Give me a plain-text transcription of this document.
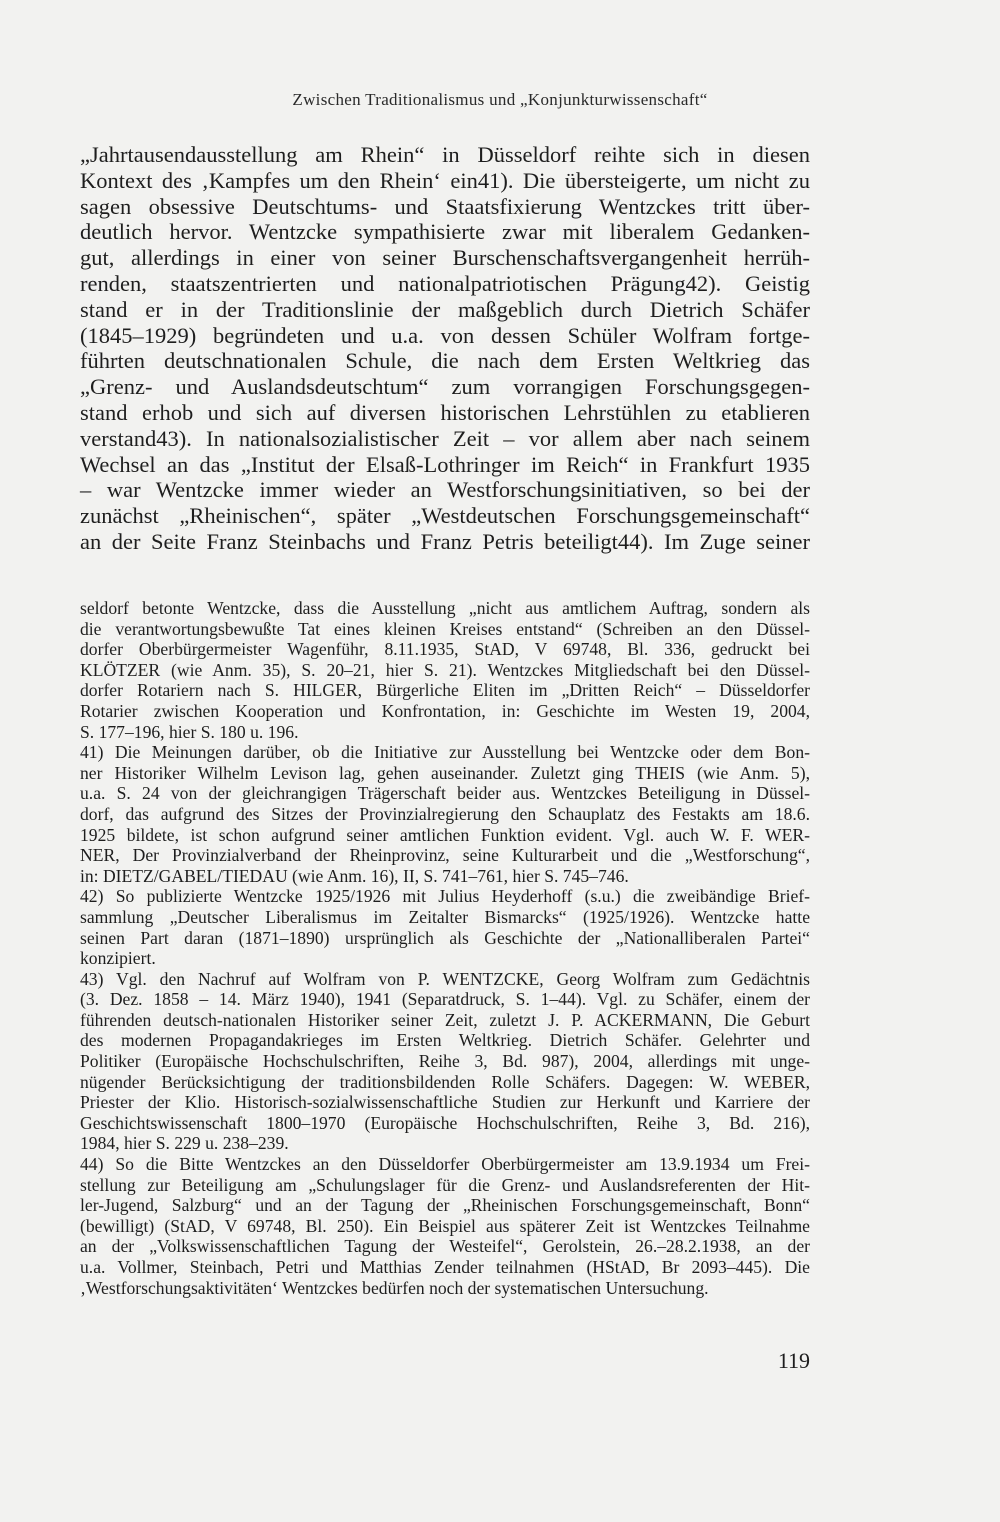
Zwischen Traditionalismus und „Konjunkturwissenschaft“
„Jahrtausendausstellung am Rhein“ in Düsseldorf reihte sich in diesen
Kontext des ‚Kampfes um den Rhein‘ ein41). Die übersteigerte, um nicht zu
sagen obsessive Deutschtums- und Staatsfixierung Wentzckes tritt über-
deutlich hervor. Wentzcke sympathisierte zwar mit liberalem Gedanken-
gut, allerdings in einer von seiner Burschenschaftsvergangenheit herrüh-
renden, staatszentrierten und nationalpatriotischen Prägung42). Geistig
stand er in der Traditionslinie der maßgeblich durch Dietrich Schäfer
(1845–1929) begründeten und u.a. von dessen Schüler Wolfram fortge-
führten deutschnationalen Schule, die nach dem Ersten Weltkrieg das
„Grenz- und Auslandsdeutschtum“ zum vorrangigen Forschungsgegen-
stand erhob und sich auf diversen historischen Lehrstühlen zu etablieren
verstand43). In nationalsozialistischer Zeit – vor allem aber nach seinem
Wechsel an das „Institut der Elsaß-Lothringer im Reich“ in Frankfurt 1935
– war Wentzcke immer wieder an Westforschungsinitiativen, so bei der
zunächst „Rheinischen“, später „Westdeutschen Forschungsgemeinschaft“
an der Seite Franz Steinbachs und Franz Petris beteiligt44). Im Zuge seiner
seldorf betonte Wentzcke, dass die Ausstellung „nicht aus amtlichem Auftrag, sondern als
die verantwortungsbewußte Tat eines kleinen Kreises entstand“ (Schreiben an den Düssel-
dorfer Oberbürgermeister Wagenführ, 8.11.1935, StAD, V 69748, Bl. 336, gedruckt bei
KLÖTZER (wie Anm. 35), S. 20–21, hier S. 21). Wentzckes Mitgliedschaft bei den Düssel-
dorfer Rotariern nach S. HILGER, Bürgerliche Eliten im „Dritten Reich“ – Düsseldorfer
Rotarier zwischen Kooperation und Konfrontation, in: Geschichte im Westen 19, 2004,
S. 177–196, hier S. 180 u. 196.
41) Die Meinungen darüber, ob die Initiative zur Ausstellung bei Wentzcke oder dem Bon-
ner Historiker Wilhelm Levison lag, gehen auseinander. Zuletzt ging THEIS (wie Anm. 5),
u.a. S. 24 von der gleichrangigen Trägerschaft beider aus. Wentzckes Beteiligung in Düssel-
dorf, das aufgrund des Sitzes der Provinzialregierung den Schauplatz des Festakts am 18.6.
1925 bildete, ist schon aufgrund seiner amtlichen Funktion evident. Vgl. auch W. F. WER-
NER, Der Provinzialverband der Rheinprovinz, seine Kulturarbeit und die „Westforschung“,
in: DIETZ/GABEL/TIEDAU (wie Anm. 16), II, S. 741–761, hier S. 745–746.
42) So publizierte Wentzcke 1925/1926 mit Julius Heyderhoff (s.u.) die zweibändige Brief-
sammlung „Deutscher Liberalismus im Zeitalter Bismarcks“ (1925/1926). Wentzcke hatte
seinen Part daran (1871–1890) ursprünglich als Geschichte der „Nationalliberalen Partei“
konzipiert.
43) Vgl. den Nachruf auf Wolfram von P. WENTZCKE, Georg Wolfram zum Gedächtnis
(3. Dez. 1858 – 14. März 1940), 1941 (Separatdruck, S. 1–44). Vgl. zu Schäfer, einem der
führenden deutsch-nationalen Historiker seiner Zeit, zuletzt J. P. ACKERMANN, Die Geburt
des modernen Propagandakrieges im Ersten Weltkrieg. Dietrich Schäfer. Gelehrter und
Politiker (Europäische Hochschulschriften, Reihe 3, Bd. 987), 2004, allerdings mit unge-
nügender Berücksichtigung der traditionsbildenden Rolle Schäfers. Dagegen: W. WEBER,
Priester der Klio. Historisch-sozialwissenschaftliche Studien zur Herkunft und Karriere der
Geschichtswissenschaft 1800–1970 (Europäische Hochschulschriften, Reihe 3, Bd. 216),
1984, hier S. 229 u. 238–239.
44) So die Bitte Wentzckes an den Düsseldorfer Oberbürgermeister am 13.9.1934 um Frei-
stellung zur Beteiligung am „Schulungslager für die Grenz- und Auslandsreferenten der Hit-
ler-Jugend, Salzburg“ und an der Tagung der „Rheinischen Forschungsgemeinschaft, Bonn“
(bewilligt) (StAD, V 69748, Bl. 250). Ein Beispiel aus späterer Zeit ist Wentzckes Teilnahme
an der „Volkswissenschaftlichen Tagung der Westeifel“, Gerolstein, 26.–28.2.1938, an der
u.a. Vollmer, Steinbach, Petri und Matthias Zender teilnahmen (HStAD, Br 2093–445). Die
‚Westforschungsaktivitäten‘ Wentzckes bedürfen noch der systematischen Untersuchung.
119
